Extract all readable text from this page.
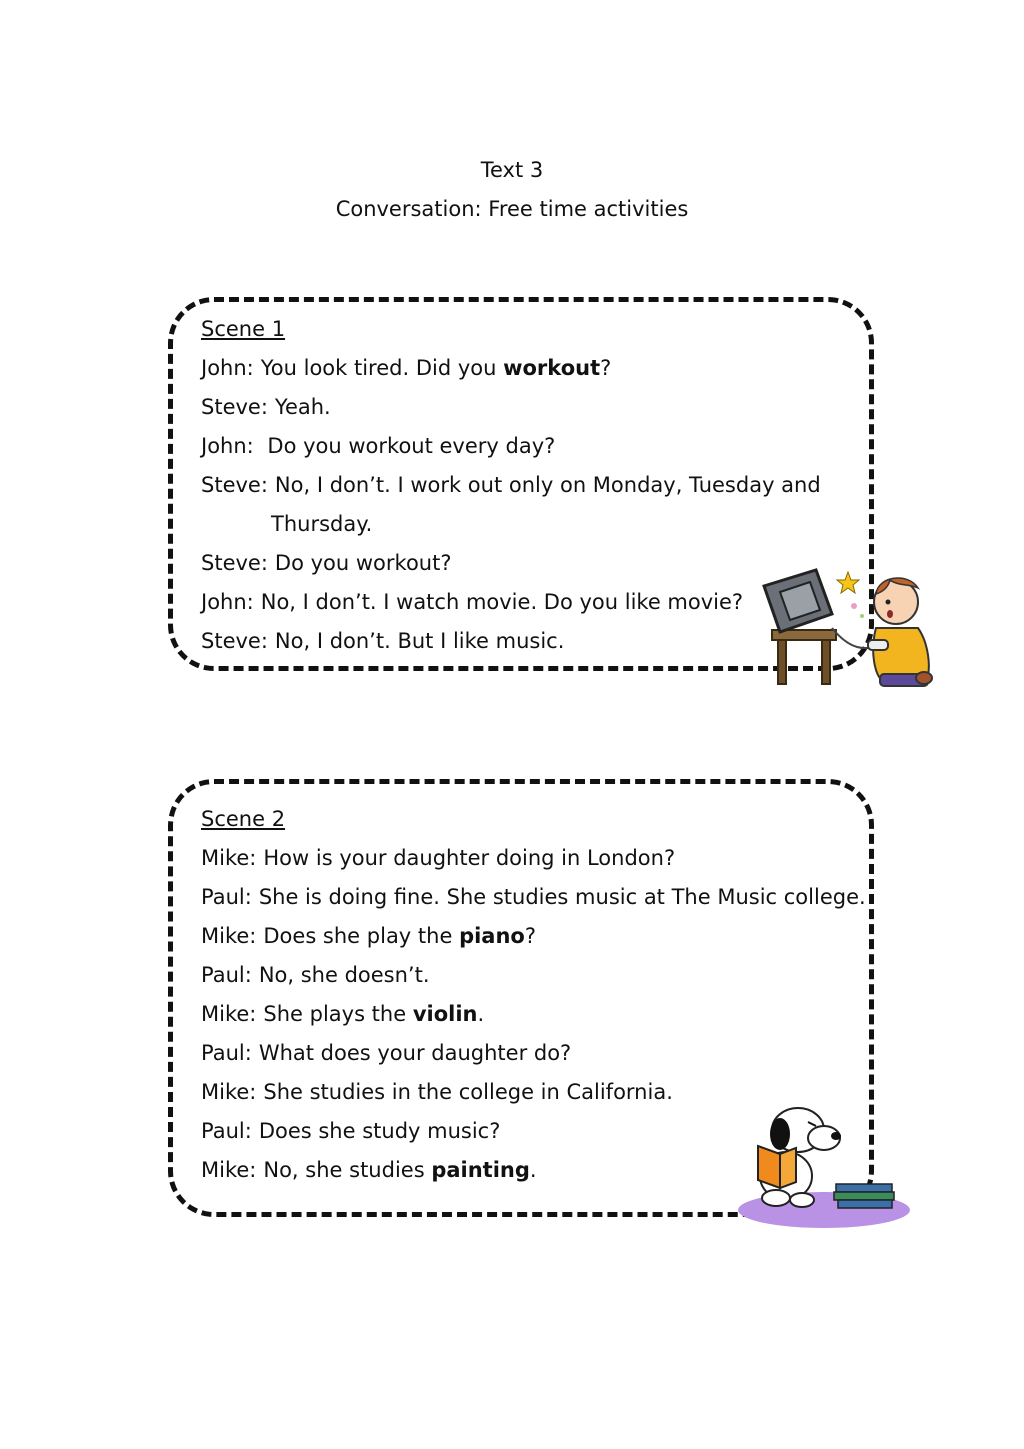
Text 3
Conversation: Free time activities
Scene 1
John: You look tired. Did you workout?
Steve: Yeah.
John: Do you workout every day?
Steve: No, I don’t. I work out only on Monday, Tuesday and
Thursday.
Steve: Do you workout?
John: No, I don’t. I watch movie. Do you like movie?
Steve: No, I don’t. But I like music.
Scene 2
Mike: How is your daughter doing in London?
Paul: She is doing fine. She studies music at The Music college.
Mike: Does she play the piano?
Paul: No, she doesn’t.
Mike: She plays the violin.
Paul: What does your daughter do?
Mike: She studies in the college in California.
Paul: Does she study music?
Mike: No, she studies painting.
